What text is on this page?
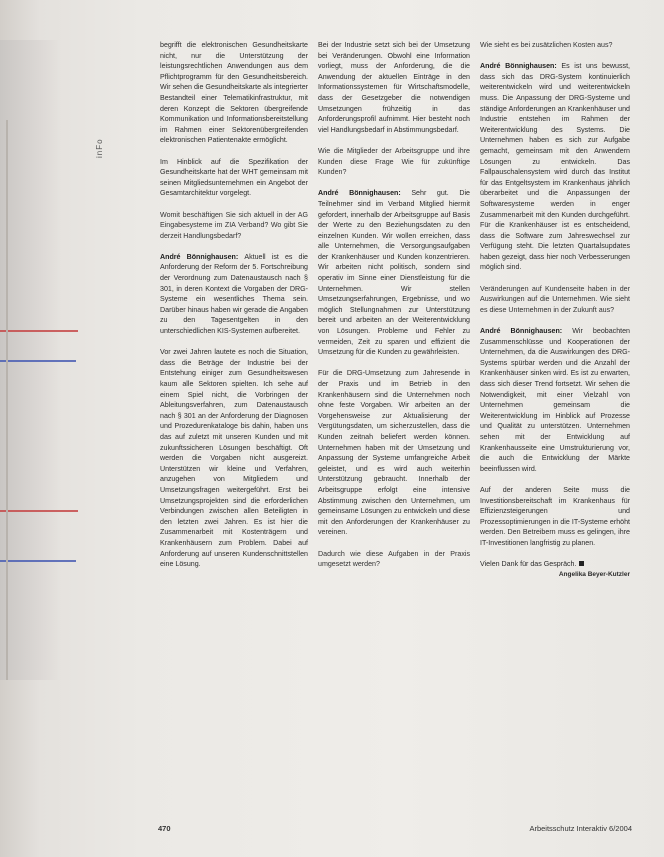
inFo

begrifft die elektronischen Gesundheitskarte nicht, nur die Unterstützung der leistungsrechtlichen Anwendungen aus dem Pflichtprogramm für den Gesundheitsbereich. Wir sehen die Gesundheitskarte als integrierter Bestandteil einer Telematikinfrastruktur, mit deren Konzept die Sektoren übergreifende Kommunikation und Informationsbereitstellung im Rahmen einer Sektorenübergreifenden elektronischen Patientenakte ermöglicht.

Im Hinblick auf die Spezifikation der Gesundheitskarte hat der WHT gemeinsam mit seinen Mitgliedsunternehmen ein Angebot der Gesamtarchitektur vorgelegt.

Womit beschäftigen Sie sich aktuell in der AG Eingabesysteme im ZIA Verband? Wo gibt Sie derzeit Handlungsbedarf?

André Bönnighausen: Aktuell ist es die Anforderung der Reform der 5. Fortschreibung der Verordnung zum Datenaustausch nach § 301, in deren Kontext die Vorgaben der DRG-Systeme ein wesentliches Thema sein. Darüber hinaus haben wir gerade die Angaben zu den Tagesentgelten in den unterschiedlichen KIS-Systemen aufbereitet.

Vor zwei Jahren lautete es noch die Situation, dass die Beträge der Industrie bei der Entstehung einiger zum Gesundheitswesen kaum alle Sektoren spielten. Ich sehe auf einem Spiel nicht, die Vorbringen der Ableitungsverfahren, zum Datenaustausch nach § 301 an der Anforderung der Diagnosen und Prozedurenkataloge bis dahin, haben uns das auf zuletzt mit unseren Kunden und mit zukunftssicheren Lösungen beschäftigt. Oft werden die Vorgaben nicht ausgereizt. Unterstützen wir kleine und Verfahren, anzugehen von Mitgliedern und Umsetzungsfragen weitergeführt. Erst bei Umsetzungsprojekten sind die erforderlichen Verbindungen zwischen allen Beteiligten in den letzten zwei Jahren. Es ist hier die Zusammenarbeit mit Kostenträgern und Krankenhäusern zum Problem. Dabei auf Anforderung auf unseren Kundenschnittstellen eine Lösung.

Bei der Industrie setzt sich bei der Umsetzung bei Veränderungen. Obwohl eine Information vorliegt, muss der Anforderung, die die Anwendung der aktuellen Einträge in den Informationssystemen für Wirtschaftsmodelle, dass der Gesetzgeber die notwendigen Umsetzungen frühzeitig in das Anforderungsprofil aufnimmt. Hier besteht noch viel Handlungsbedarf in Abstimmungsbedarf.

Wie die Mitglieder der Arbeitsgruppe und ihre Kunden diese Frage Wie für zukünftige Kunden?

André Bönnighausen: Sehr gut. Die Teilnehmer sind im Verband Mitglied hiermit gefordert, innerhalb der Arbeitsgruppe auf Basis der Werte zu den Beziehungsdaten zu den einzelnen Kunden. Wir wollen erreichen, dass alle Unternehmen, die Versorgungsaufgaben der Krankenhäuser und Kunden konzentrieren. Wir arbeiten nicht politisch, sondern sind operativ im Sinne einer Dienstleistung für die Unternehmen. Wir stellen Umsetzungserfahrungen, Ergebnisse, und wo möglich Stellungnahmen zur Unterstützung bereit und arbeiten an der Weiterentwicklung von Lösungen. Probleme und Fehler zu vermeiden, Zeit zu sparen und effizient die Umsetzung für die Kunden zu gewährleisten.

Für die DRG-Umsetzung zum Jahresende in der Praxis und im Betrieb in den Krankenhäusern sind die Unternehmen noch ohne feste Vorgaben. Wir arbeiten an der Vorgehensweise zur Aktualisierung der Vergütungsdaten, um sicherzustellen, dass die Kunden zeitnah beliefert werden können. Unternehmen haben mit der Umsetzung und Anpassung der Systeme umfangreiche Arbeit geleistet, und es wird auch weiterhin Unterstützung gebraucht. Innerhalb der Arbeitsgruppe erfolgt eine intensive Abstimmung zwischen den Unternehmen, um gemeinsame Lösungen zu entwickeln und diese mit den Anforderungen der Krankenhäuser zu vereinen.

Dadurch wie diese Aufgaben in der Praxis umgesetzt werden?

Wie sieht es bei zusätzlichen Kosten aus?

André Bönnighausen: Es ist uns bewusst, dass sich das DRG-System kontinuierlich weiterentwickeln wird und weiterentwickeln muss. Die Anpassung der DRG-Systeme und ständige Anforderungen an Krankenhäuser und Industrie entstehen im Rahmen der Weiterentwicklung des Systems. Die Unternehmen haben es sich zur Aufgabe gemacht, gemeinsam mit den Anwendern Lösungen zu entwickeln. Das Fallpauschalensystem wird durch das Institut für das Entgeltsystem im Krankenhaus jährlich überarbeitet und die Anpassungen der Softwaresysteme werden in enger Zusammenarbeit mit den Kunden durchgeführt. Für die Krankenhäuser ist es entscheidend, dass die Software zum Jahreswechsel zur Verfügung steht. Die letzten Quartalsupdates haben gezeigt, dass hier noch Verbesserungen möglich sind.

Veränderungen auf Kundenseite haben in der Auswirkungen auf die Unternehmen. Wie sieht es diese Unternehmen in der Zukunft aus?

André Bönnighausen: Wir beobachten Zusammenschlüsse und Kooperationen der Unternehmen, da die Auswirkungen des DRG-Systems spürbar werden und die Anzahl der Krankenhäuser sinken wird. Es ist zu erwarten, dass sich dieser Trend fortsetzt. Wir sehen die Notwendigkeit, mit einer Vielzahl von Unternehmen gemeinsam die Weiterentwicklung im Hinblick auf Prozesse und Qualität zu unterstützen. Unternehmen sehen mit der Entwicklung auf Krankenhausseite eine Umstrukturierung vor, die auch die Entwicklung der Märkte beeinflussen wird.

Auf der anderen Seite muss die Investitionsbereitschaft im Krankenhaus für Effizienzsteigerungen und Prozessoptimierungen in die IT-Systeme erhöht werden. Den Betreibern muss es gelingen, ihre IT-Investitionen langfristig zu planen.

Vielen Dank für das Gespräch.
Angelika Beyer-Kutzler

470	Arbeitsschutz Interaktiv 6/2004
